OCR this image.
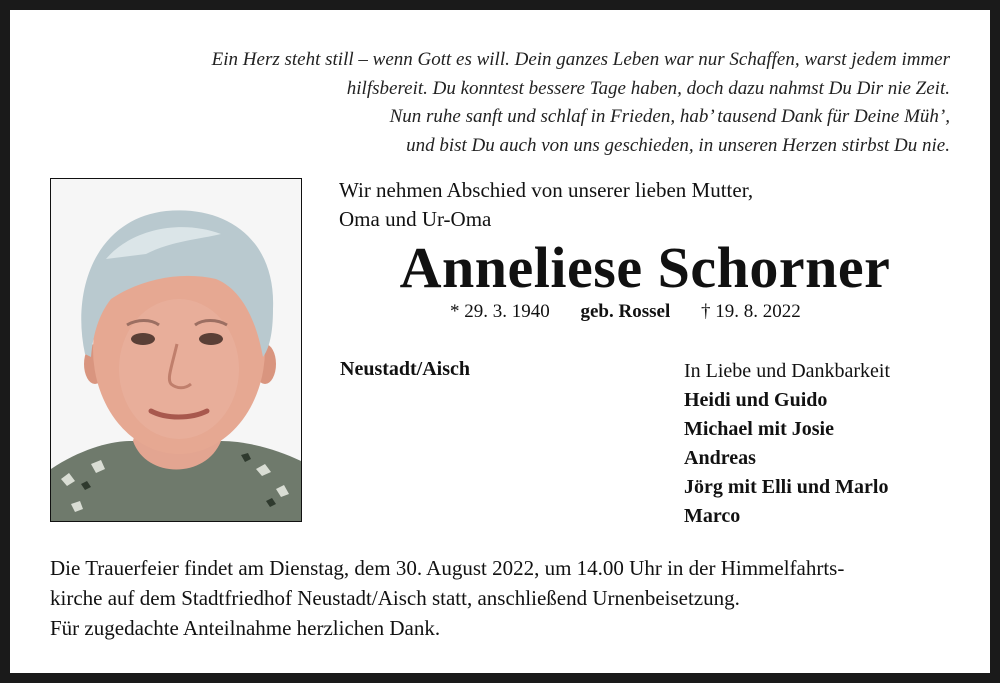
Ein Herz steht still – wenn Gott es will. Dein ganzes Leben war nur Schaffen, warst jedem immer
hilfsbereit. Du konntest bessere Tage haben, doch dazu nahmst Du Dir nie Zeit.
Nun ruhe sanft und schlaf in Frieden, hab’ tausend Dank für Deine Müh’,
und bist Du auch von uns geschieden, in unseren Herzen stirbst Du nie.
Wir nehmen Abschied von unserer lieben Mutter,
Oma und Ur-Oma
Anneliese Schorner
* 29. 3. 1940 geb. Rossel † 19. 8. 2022
Neustadt/Aisch	In Liebe und Dankbarkeit
Heidi und Guido
Michael mit Josie
Andreas
Jörg mit Elli und Marlo
Marco
Die Trauerfeier findet am Dienstag, dem 30. August 2022, um 14.00 Uhr in der Himmelfahrts-
kirche auf dem Stadtfriedhof Neustadt/Aisch statt, anschließend Urnenbeisetzung.
Für zugedachte Anteilnahme herzlichen Dank.
